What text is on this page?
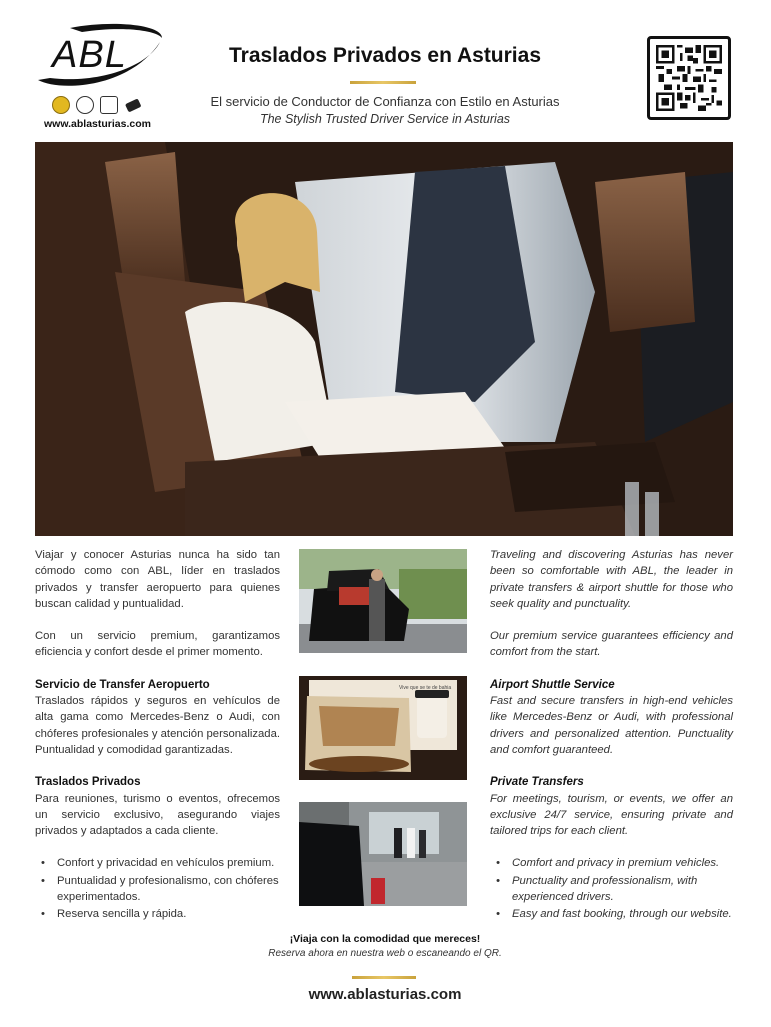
ABL
www.ablasturias.com
Traslados Privados en Asturias
El servicio de Conductor de Confianza con Estilo en Asturias
The Stylish Trusted Driver Service in Asturias

Viajar y conocer Asturias nunca ha sido tan cómodo como con ABL, líder en traslados privados y transfer aeropuerto para quienes buscan calidad y puntualidad.

Con un servicio premium, garantizamos eficiencia y confort desde el primer momento.

Servicio de Transfer Aeropuerto

Traslados rápidos y seguros en vehículos de alta gama como Mercedes-Benz o Audi, con chóferes profesionales y atención personalizada. Puntualidad y comodidad garantizadas.

Traslados Privados

Para reuniones, turismo o eventos, ofrecemos un servicio exclusivo, asegurando viajes privados y adaptados a cada cliente.

• Confort y privacidad en vehículos premium.
• Puntualidad y profesionalismo, con chóferes experimentados.
• Reserva sencilla y rápida.
Vive que se te de bahia

Traveling and discovering Asturias has never been so comfortable with ABL, the leader in private transfers & airport shuttle for those who seek quality and punctuality.

Our premium service guarantees efficiency and comfort from the start.

Airport Shuttle Service

Fast and secure transfers in high-end vehicles like Mercedes-Benz or Audi, with professional drivers and personalized attention. Punctuality and comfort guaranteed.

Private Transfers

For meetings, tourism, or events, we offer an exclusive 24/7 service, ensuring private and tailored trips for each client.

• Comfort and privacy in premium vehicles.
• Punctuality and professionalism, with experienced drivers.
• Easy and fast booking, through our website.
¡Viaja con la comodidad que mereces!
Reserva ahora en nuestra web o escaneando el QR.
www.ablasturias.com
